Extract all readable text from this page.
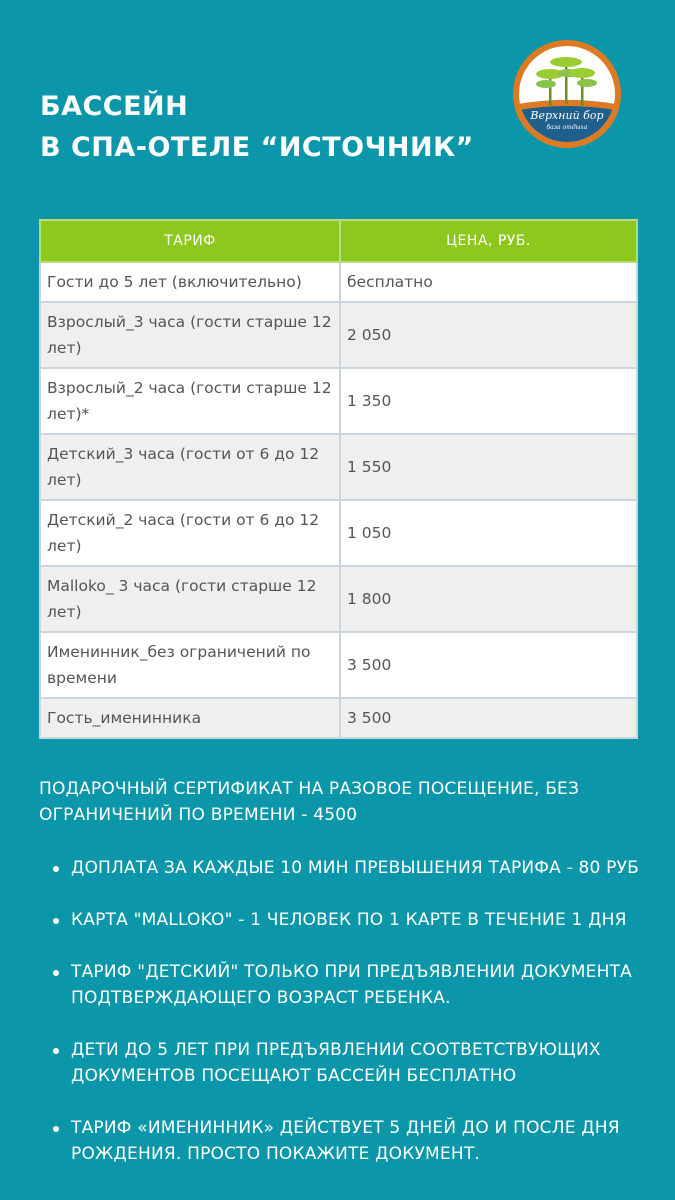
БАССЕЙН
В СПА-ОТЕЛЕ “ИСТОЧНИК”
Верхний бор
база отдыха
ТАРИФ	ЦЕНА, РУБ.
Гости до 5 лет (включительно)	бесплатно
Взрослый_3 часа (гости старше 12 лет)	2 050
Взрослый_2 часа (гости старше 12 лет)*	1 350
Детский_3 часа (гости от 6 до 12 лет)	1 550
Детский_2 часа (гости от 6 до 12 лет)	1 050
Malloko_ 3 часа (гости старше 12 лет)	1 800
Именинник_без ограничений по времени	3 500
Гость_именинника	3 500
ПОДАРОЧНЫЙ СЕРТИФИКАТ НА РАЗОВОЕ ПОСЕЩЕНИЕ, БЕЗ ОГРАНИЧЕНИЙ ПО ВРЕМЕНИ - 4500
ДОПЛАТА ЗА КАЖДЫЕ 10 МИН ПРЕВЫШЕНИЯ ТАРИФА - 80 РУБ
КАРТА "MALLOKO" - 1 ЧЕЛОВЕК ПО 1 КАРТЕ В ТЕЧЕНИЕ 1 ДНЯ
ТАРИФ "ДЕТСКИЙ" ТОЛЬКО ПРИ ПРЕДЪЯВЛЕНИИ ДОКУМЕНТА ПОДТВЕРЖДАЮЩЕГО ВОЗРАСТ РЕБЕНКА.
ДЕТИ ДО 5 ЛЕТ ПРИ ПРЕДЪЯВЛЕНИИ СООТВЕТСТВУЮЩИХ ДОКУМЕНТОВ ПОСЕЩАЮТ БАССЕЙН БЕСПЛАТНО
ТАРИФ «ИМЕНИННИК» ДЕЙСТВУЕТ 5 ДНЕЙ ДО И ПОСЛЕ ДНЯ РОЖДЕНИЯ. ПРОСТО ПОКАЖИТЕ ДОКУМЕНТ.
